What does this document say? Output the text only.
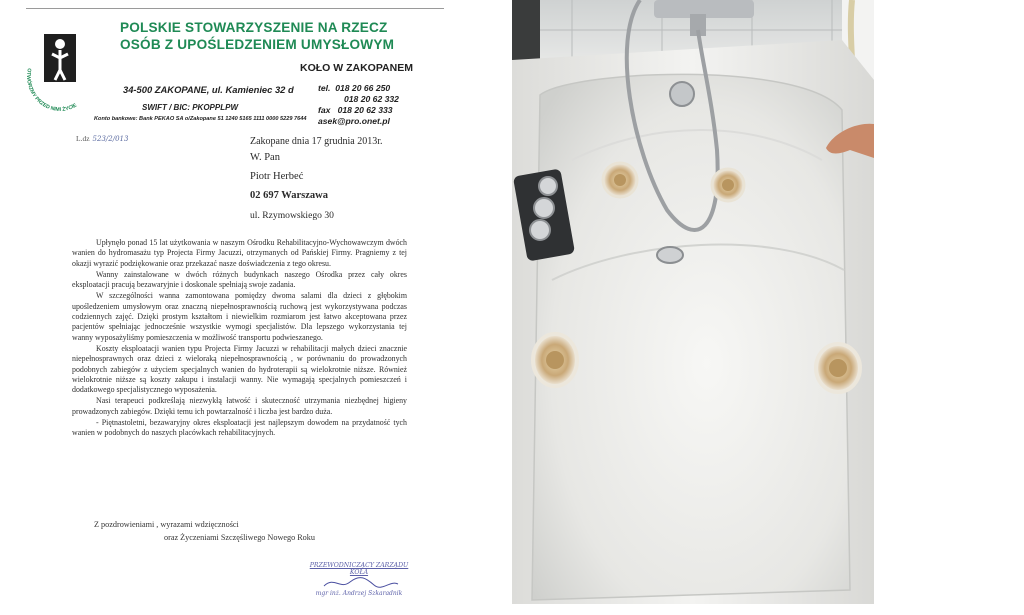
OTWÓRZMY PRZED NIMI ŻYCIE
POLSKIE STOWARZYSZENIE NA RZECZ
OSÓB Z UPOŚLEDZENIEM UMYSŁOWYM
KOŁO W ZAKOPANEM
34-500 ZAKOPANE, ul. Kamieniec 32 d
SWIFT / BIC: PKOPPLPW
Konto bankowe: Bank PEKAO SA o/Zakopane 51 1240 5165 1111 0000 5229 7644
tel. 018 20 66 250
018 20 62 332
fax 018 20 62 333
asek@pro.onet.pl
L.dz 523/2/013	Zakopane dnia 17 grudnia 2013r.
W. Pan
Piotr Herbeć
02 697 Warszawa
ul. Rzymowskiego 30

Upłynęło ponad 15 lat użytkowania w naszym Ośrodku Rehabilitacyjno-Wychowawczym dwóch wanien do hydromasażu typ Projecta Firmy Jacuzzi, otrzymanych od Pańskiej Firmy. Pragniemy z tej okazji wyrazić podziękowanie oraz przekazać nasze doświadczenia z tego okresu.

Wanny zainstalowane w dwóch różnych budynkach naszego Ośrodka przez cały okres eksploatacji pracują bezawaryjnie i doskonale spełniają swoje zadania.

W szczególności wanna zamontowana pomiędzy dwoma salami dla dzieci z głębokim upośledzeniem umysłowym oraz znaczną niepełnosprawnością ruchową jest wykorzystywana podczas codziennych zajęć. Dzięki prostym kształtom i niewielkim rozmiarom jest łatwo akceptowana przez pacjentów spełniając jednocześnie wszystkie wymogi specjalistów. Dla lepszego wykorzystania tej wanny wyposażyliśmy pomieszczenia w możliwość transportu podwieszanego.

Koszty eksploatacji wanien typu Projecta Firmy Jacuzzi w rehabilitacji małych dzieci znacznie niepełnosprawnych oraz dzieci z wieloraką niepełnosprawnością , w porównaniu do prowadzonych podobnych zabiegów z użyciem specjalnych wanien do hydroterapii są wielokrotnie niższe. Również wielokrotnie niższe są koszty zakupu i instalacji wanny. Nie wymagają specjalnych pomieszczeń i dodatkowego specjalistycznego wyposażenia.

Nasi terapeuci podkreślają niezwykłą łatwość i skuteczność utrzymania niezbędnej higieny prowadzonych zabiegów. Dzięki temu ich powtarzalność i liczba jest bardzo duża.

- Piętnastoletni, bezawaryjny okres eksploatacji jest najlepszym dowodem na przydatność tych wanien w podobnych do naszych placówkach rehabilitacyjnych.

Z pozdrowieniami , wyrazami wdzięczności
oraz Życzeniami Szczęśliwego Nowego Roku
PRZEWODNICZĄCY ZARZĄDU KOŁA
mgr inż. Andrzej Szkaradnik
